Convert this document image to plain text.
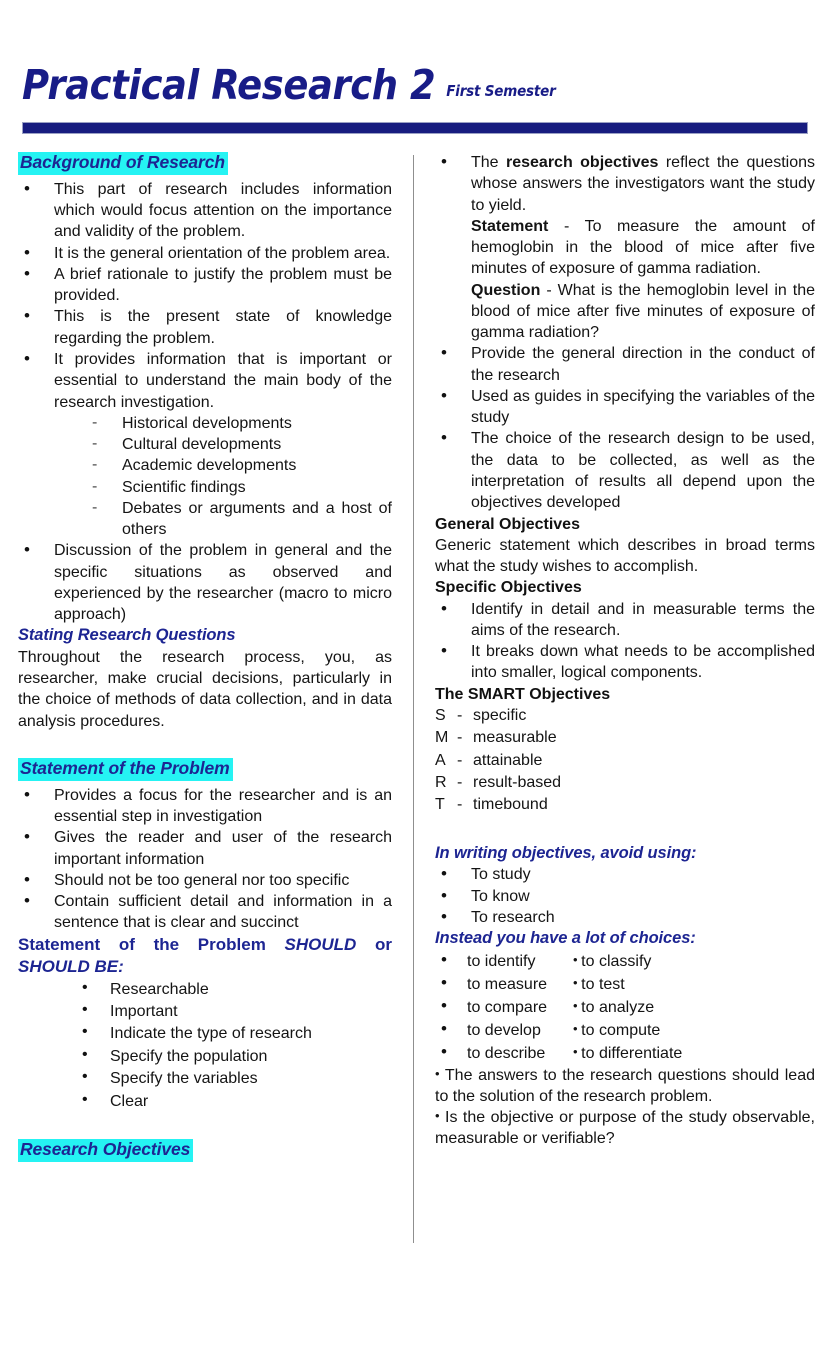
Practical Research 2 First Semester
Background of Research
• This part of research includes information which would focus attention on the importance and validity of the problem.
• It is the general orientation of the problem area.
• A brief rationale to justify the problem must be provided.
• This is the present state of knowledge regarding the problem.
• It provides information that is important or essential to understand the main body of the research investigation.
- Historical developments
- Cultural developments
- Academic developments
- Scientific findings
- Debates or arguments and a host of others
• Discussion of the problem in general and the specific situations as observed and experienced by the researcher (macro to micro approach)
Stating Research Questions

Throughout the research process, you, as researcher, make crucial decisions, particularly in the choice of methods of data collection, and in data analysis procedures.

Statement of the Problem
• Provides a focus for the researcher and is an essential step in investigation
• Gives the reader and user of the research important information
• Should not be too general nor too specific
• Contain sufficient detail and information in a sentence that is clear and succinct
Statement of the Problem SHOULD or SHOULD BE:
• Researchable
• Important
• Indicate the type of research
• Specify the population
• Specify the variables
• Clear
Research Objectives
• The research objectives reflect the questions whose answers the investigators want the study to yield.
Statement - To measure the amount of hemoglobin in the blood of mice after five minutes of exposure of gamma radiation.
Question - What is the hemoglobin level in the blood of mice after five minutes of exposure of gamma radiation?
• Provide the general direction in the conduct of the research
• Used as guides in specifying the variables of the study
• The choice of the research design to be used, the data to be collected, as well as the interpretation of results all depend upon the objectives developed
General Objectives

Generic statement which describes in broad terms what the study wishes to accomplish.

Specific Objectives
• Identify in detail and in measurable terms the aims of the research.
• It breaks down what needs to be accomplished into smaller, logical components.
The SMART Objectives
S - specific
M - measurable
A - attainable
R - result-based
T - timebound
In writing objectives, avoid using:
• To study
• To know
• To research
Instead you have a lot of choices:
• to identify	• to classify
• to measure	• to test
• to compare	• to analyze
• to develop	• to compute
• to describe	• to differentiate

• The answers to the research questions should lead to the solution of the research problem.

• Is the objective or purpose of the study observable, measurable or verifiable?
